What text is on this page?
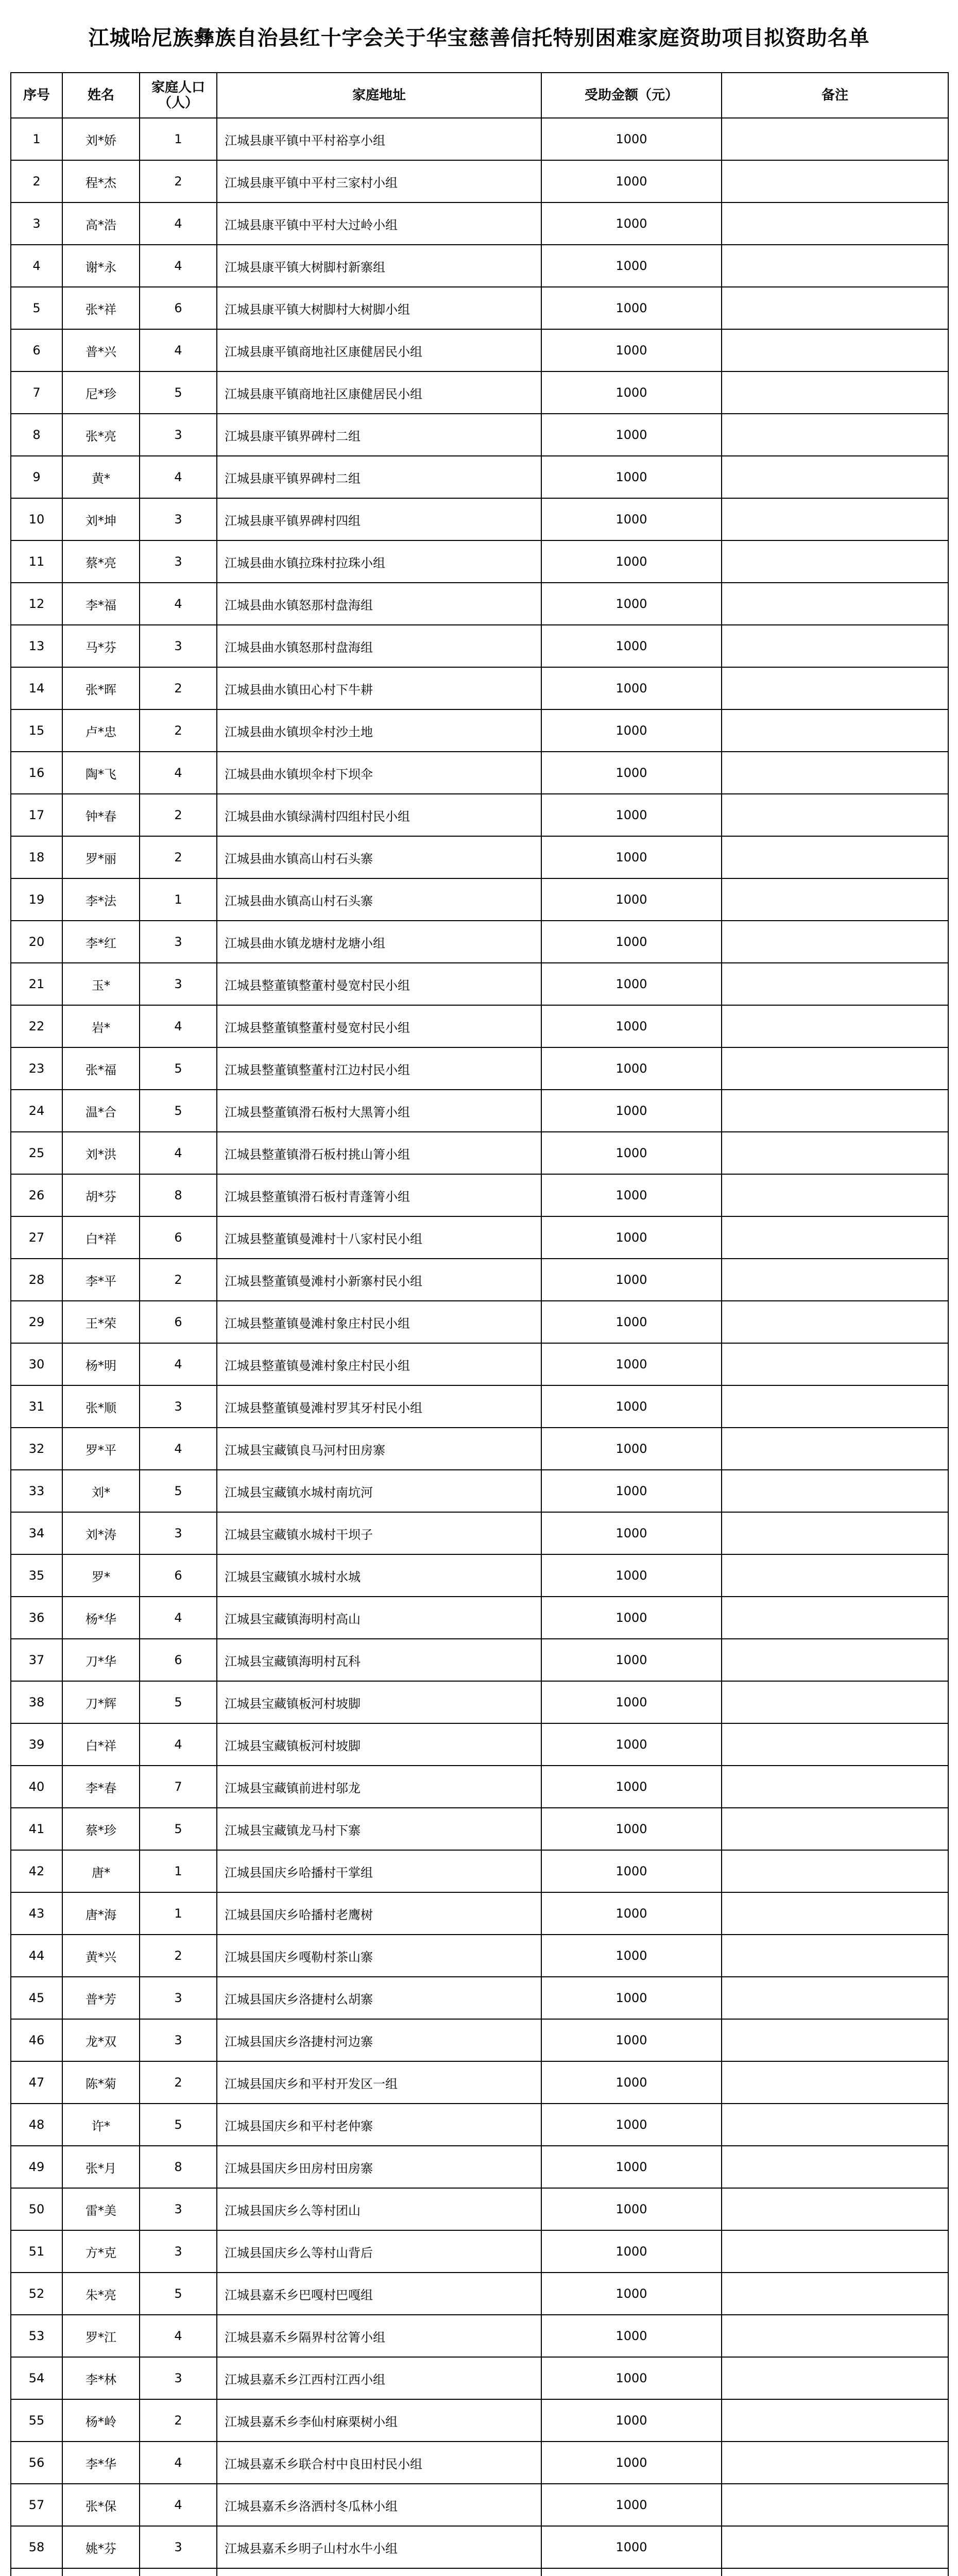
江城哈尼族彝族自治县红十字会关于华宝慈善信托特别困难家庭资助项目拟资助名单
序号	姓名	家庭人口（人）	家庭地址	受助金额（元）	备注
1	刘*娇	1	江城县康平镇中平村裕享小组	1000	
2	程*杰	2	江城县康平镇中平村三家村小组	1000	
3	高*浩	4	江城县康平镇中平村大过岭小组	1000	
4	谢*永	4	江城县康平镇大树脚村新寨组	1000	
5	张*祥	6	江城县康平镇大树脚村大树脚小组	1000	
6	普*兴	4	江城县康平镇商地社区康健居民小组	1000	
7	尼*珍	5	江城县康平镇商地社区康健居民小组	1000	
8	张*亮	3	江城县康平镇界碑村二组	1000	
9	黄*	4	江城县康平镇界碑村二组	1000	
10	刘*坤	3	江城县康平镇界碑村四组	1000	
11	蔡*亮	3	江城县曲水镇拉珠村拉珠小组	1000	
12	李*福	4	江城县曲水镇怒那村盘海组	1000	
13	马*芬	3	江城县曲水镇怒那村盘海组	1000	
14	张*晖	2	江城县曲水镇田心村下牛耕	1000	
15	卢*忠	2	江城县曲水镇坝伞村沙土地	1000	
16	陶*飞	4	江城县曲水镇坝伞村下坝伞	1000	
17	钟*春	2	江城县曲水镇绿满村四组村民小组	1000	
18	罗*丽	2	江城县曲水镇高山村石头寨	1000	
19	李*法	1	江城县曲水镇高山村石头寨	1000	
20	李*红	3	江城县曲水镇龙塘村龙塘小组	1000	
21	玉*	3	江城县整董镇整董村曼宽村民小组	1000	
22	岩*	4	江城县整董镇整董村曼宽村民小组	1000	
23	张*福	5	江城县整董镇整董村江边村民小组	1000	
24	温*合	5	江城县整董镇滑石板村大黑箐小组	1000	
25	刘*洪	4	江城县整董镇滑石板村挑山箐小组	1000	
26	胡*芬	8	江城县整董镇滑石板村青蓬箐小组	1000	
27	白*祥	6	江城县整董镇曼滩村十八家村民小组	1000	
28	李*平	2	江城县整董镇曼滩村小新寨村民小组	1000	
29	王*荣	6	江城县整董镇曼滩村象庄村民小组	1000	
30	杨*明	4	江城县整董镇曼滩村象庄村民小组	1000	
31	张*顺	3	江城县整董镇曼滩村罗其牙村民小组	1000	
32	罗*平	4	江城县宝藏镇良马河村田房寨	1000	
33	刘*	5	江城县宝藏镇水城村南坑河	1000	
34	刘*涛	3	江城县宝藏镇水城村干坝子	1000	
35	罗*	6	江城县宝藏镇水城村水城	1000	
36	杨*华	4	江城县宝藏镇海明村高山	1000	
37	刀*华	6	江城县宝藏镇海明村瓦科	1000	
38	刀*辉	5	江城县宝藏镇板河村坡脚	1000	
39	白*祥	4	江城县宝藏镇板河村坡脚	1000	
40	李*春	7	江城县宝藏镇前进村邬龙	1000	
41	蔡*珍	5	江城县宝藏镇龙马村下寨	1000	
42	唐*	1	江城县国庆乡哈播村干掌组	1000	
43	唐*海	1	江城县国庆乡哈播村老鹰树	1000	
44	黄*兴	2	江城县国庆乡嘎勒村茶山寨	1000	
45	普*芳	3	江城县国庆乡洛捷村么胡寨	1000	
46	龙*双	3	江城县国庆乡洛捷村河边寨	1000	
47	陈*菊	2	江城县国庆乡和平村开发区一组	1000	
48	许*	5	江城县国庆乡和平村老仲寨	1000	
49	张*月	8	江城县国庆乡田房村田房寨	1000	
50	雷*美	3	江城县国庆乡么等村团山	1000	
51	方*克	3	江城县国庆乡么等村山背后	1000	
52	朱*亮	5	江城县嘉禾乡巴嘎村巴嘎组	1000	
53	罗*江	4	江城县嘉禾乡隔界村岔箐小组	1000	
54	李*林	3	江城县嘉禾乡江西村江西小组	1000	
55	杨*岭	2	江城县嘉禾乡李仙村麻栗树小组	1000	
56	李*华	4	江城县嘉禾乡联合村中良田村民小组	1000	
57	张*保	4	江城县嘉禾乡洛洒村冬瓜林小组	1000	
58	姚*芬	3	江城县嘉禾乡明子山村水牛小组	1000	
